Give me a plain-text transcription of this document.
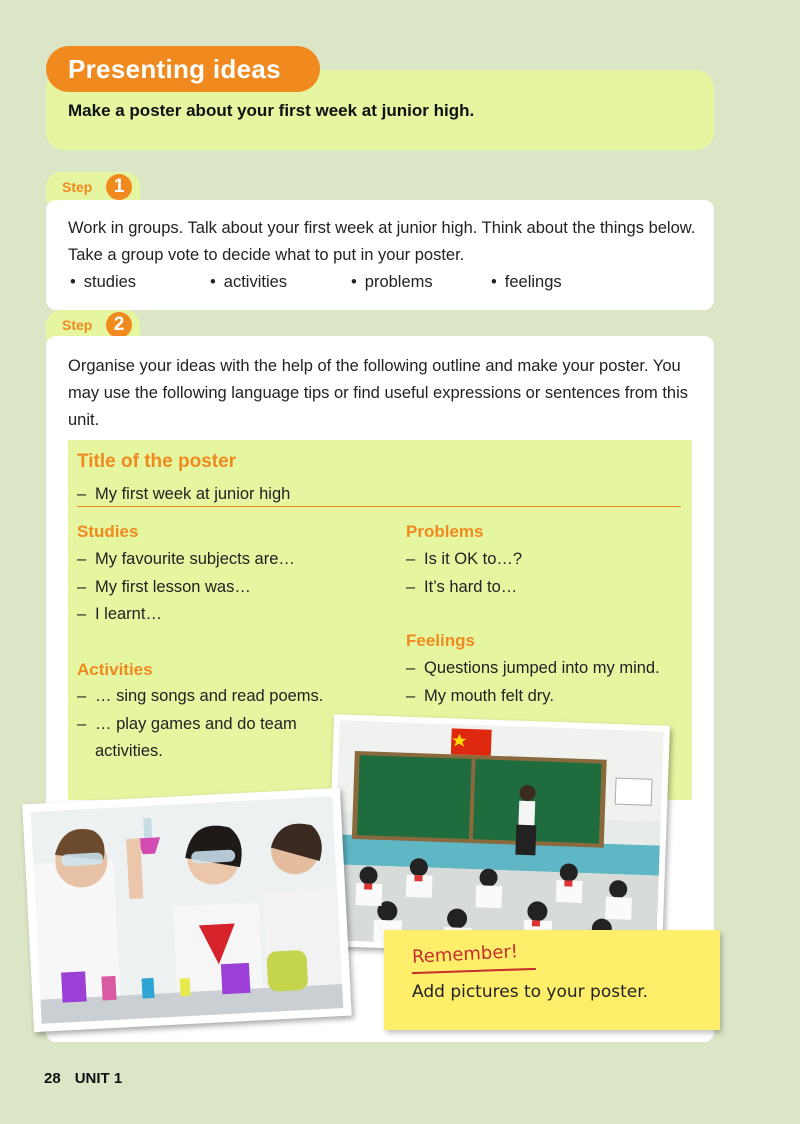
Presenting ideas
Make a poster about your first week at junior high.
Step	1
Work in groups. Talk about your first week at junior high. Think about the things below. Take a group vote to decide what to put in your poster.
• studies	• activities	• problems	• feelings
Step	2
Organise your ideas with the help of the following outline and make your poster. You may use the following language tips or find useful expressions or sentences from this unit.
Title of the poster
– My first week at junior high
Studies
– My favourite subjects are…
– My first lesson was…
– I learnt…
Activities
– … sing songs and read poems.
– … play games and do team activities.
Problems
– Is it OK to…?
– It’s hard to…
Feelings
– Questions jumped into my mind.
– My mouth felt dry.
Remember!
Add pictures to your poster.
28 UNIT 1
